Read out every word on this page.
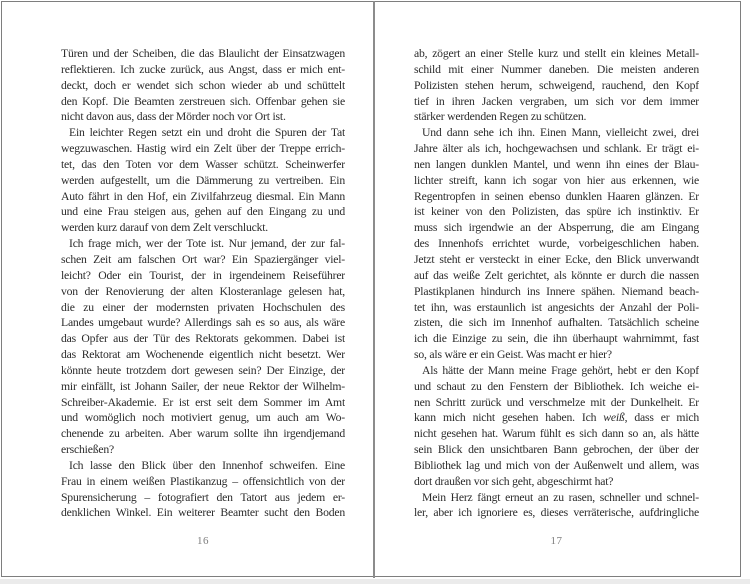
Türen und der Scheiben, die das Blaulicht der Einsatzwagen
reflektieren. Ich zucke zurück, aus Angst, dass er mich ent-
deckt, doch er wendet sich schon wieder ab und schüttelt
den Kopf. Die Beamten zerstreuen sich. Offenbar gehen sie
nicht davon aus, dass der Mörder noch vor Ort ist.
Ein leichter Regen setzt ein und droht die Spuren der Tat
wegzuwaschen. Hastig wird ein Zelt über der Treppe errich-
tet, das den Toten vor dem Wasser schützt. Scheinwerfer
werden aufgestellt, um die Dämmerung zu vertreiben. Ein
Auto fährt in den Hof, ein Zivilfahrzeug diesmal. Ein Mann
und eine Frau steigen aus, gehen auf den Eingang zu und
werden kurz darauf von dem Zelt verschluckt.
Ich frage mich, wer der Tote ist. Nur jemand, der zur fal-
schen Zeit am falschen Ort war? Ein Spaziergänger viel-
leicht? Oder ein Tourist, der in irgendeinem Reiseführer
von der Renovierung der alten Klosteranlage gelesen hat,
die zu einer der modernsten privaten Hochschulen des
Landes umgebaut wurde? Allerdings sah es so aus, als wäre
das Opfer aus der Tür des Rektorats gekommen. Dabei ist
das Rektorat am Wochenende eigentlich nicht besetzt. Wer
könnte heute trotzdem dort gewesen sein? Der Einzige, der
mir einfällt, ist Johann Sailer, der neue Rektor der Wilhelm-
Schreiber-Akademie. Er ist erst seit dem Sommer im Amt
und womöglich noch motiviert genug, um auch am Wo-
chenende zu arbeiten. Aber warum sollte ihn irgendjemand
erschießen?
Ich lasse den Blick über den Innenhof schweifen. Eine
Frau in einem weißen Plastikanzug – offensichtlich von der
Spurensicherung – fotografiert den Tatort aus jedem er-
denklichen Winkel. Ein weiterer Beamter sucht den Boden
ab, zögert an einer Stelle kurz und stellt ein kleines Metall-
schild mit einer Nummer daneben. Die meisten anderen
Polizisten stehen herum, schweigend, rauchend, den Kopf
tief in ihren Jacken vergraben, um sich vor dem immer
stärker werdenden Regen zu schützen.
Und dann sehe ich ihn. Einen Mann, vielleicht zwei, drei
Jahre älter als ich, hochgewachsen und schlank. Er trägt ei-
nen langen dunklen Mantel, und wenn ihn eines der Blau-
lichter streift, kann ich sogar von hier aus erkennen, wie
Regentropfen in seinen ebenso dunklen Haaren glänzen. Er
ist keiner von den Polizisten, das spüre ich instinktiv. Er
muss sich irgendwie an der Absperrung, die am Eingang
des Innenhofs errichtet wurde, vorbeigeschlichen haben.
Jetzt steht er versteckt in einer Ecke, den Blick unverwandt
auf das weiße Zelt gerichtet, als könnte er durch die nassen
Plastikplanen hindurch ins Innere spähen. Niemand beach-
tet ihn, was erstaunlich ist angesichts der Anzahl der Poli-
zisten, die sich im Innenhof aufhalten. Tatsächlich scheine
ich die Einzige zu sein, die ihn überhaupt wahrnimmt, fast
so, als wäre er ein Geist. Was macht er hier?
Als hätte der Mann meine Frage gehört, hebt er den Kopf
und schaut zu den Fenstern der Bibliothek. Ich weiche ei-
nen Schritt zurück und verschmelze mit der Dunkelheit. Er
kann mich nicht gesehen haben. Ich weiß, dass er mich
nicht gesehen hat. Warum fühlt es sich dann so an, als hätte
sein Blick den unsichtbaren Bann gebrochen, der über der
Bibliothek lag und mich von der Außenwelt und allem, was
dort draußen vor sich geht, abgeschirmt hat?
Mein Herz fängt erneut an zu rasen, schneller und schnel-
ler, aber ich ignoriere es, dieses verräterische, aufdringliche
16	17
